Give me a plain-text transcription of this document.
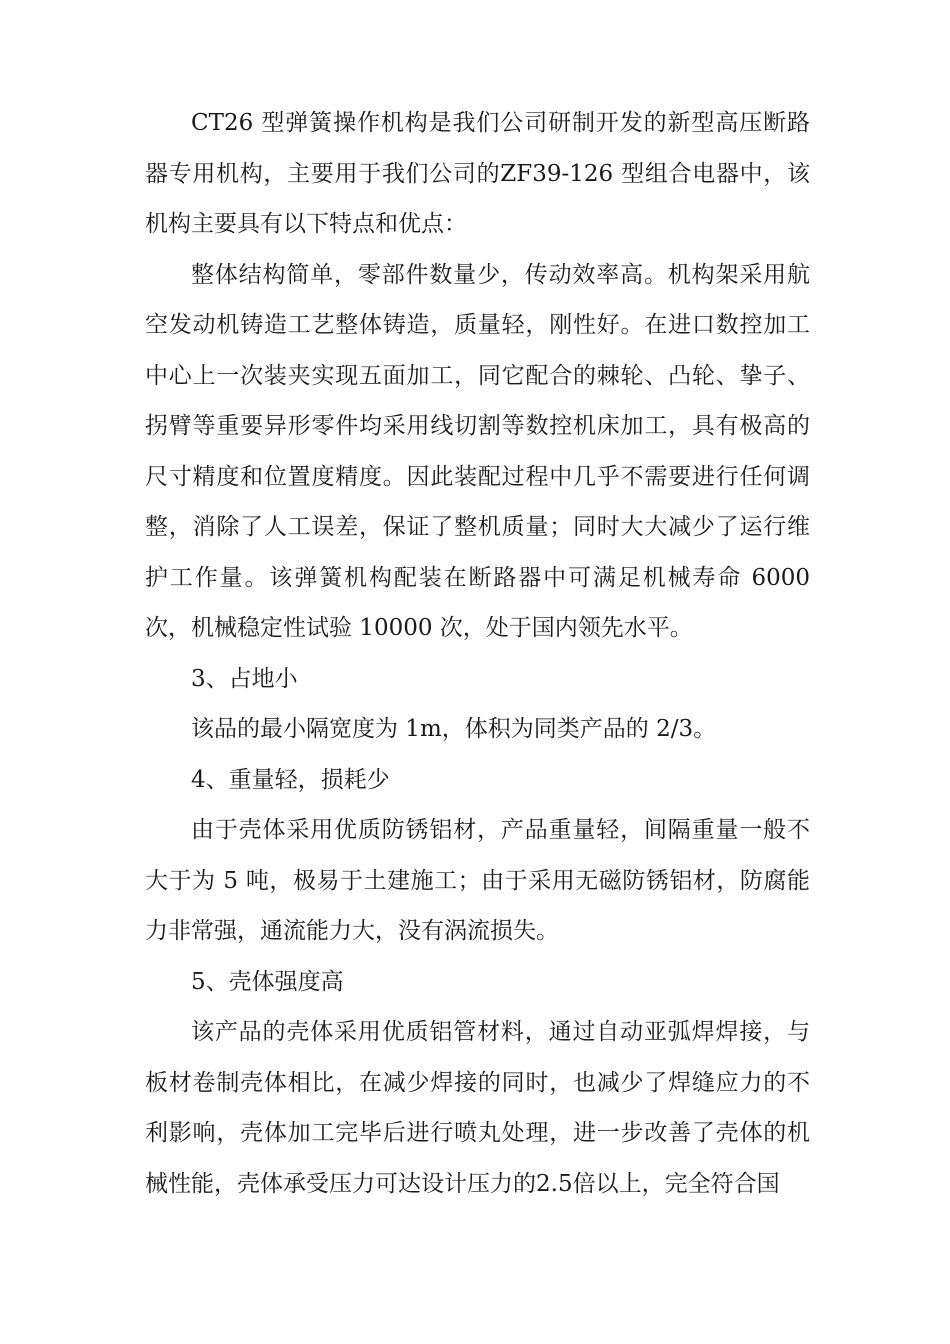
CT26 型弹簧操作机构是我们公司研制开发的新型高压断路器专用机构，主要用于我们公司的ZF39-126 型组合电器中，该机构主要具有以下特点和优点：

整体结构简单，零部件数量少，传动效率高。机构架采用航空发动机铸造工艺整体铸造，质量轻，刚性好。在进口数控加工中心上一次装夹实现五面加工，同它配合的棘轮、凸轮、挚子、拐臂等重要异形零件均采用线切割等数控机床加工，具有极高的尺寸精度和位置度精度。因此装配过程中几乎不需要进行任何调整，消除了人工误差，保证了整机质量；同时大大减少了运行维护工作量。该弹簧机构配装在断路器中可满足机械寿命 6000 次，机械稳定性试验 10000 次，处于国内领先水平。

3、占地小

该品的最小隔宽度为 1m，体积为同类产品的 2/3。

4、重量轻，损耗少

由于壳体采用优质防锈铝材，产品重量轻，间隔重量一般不大于为 5 吨，极易于土建施工；由于采用无磁防锈铝材，防腐能力非常强，通流能力大，没有涡流损失。

5、壳体强度高

该产品的壳体采用优质铝管材料，通过自动亚弧焊焊接，与板材卷制壳体相比，在减少焊接的同时，也减少了焊缝应力的不利影响，壳体加工完毕后进行喷丸处理，进一步改善了壳体的机械性能，壳体承受压力可达设计压力的2.5倍以上，完全符合国
